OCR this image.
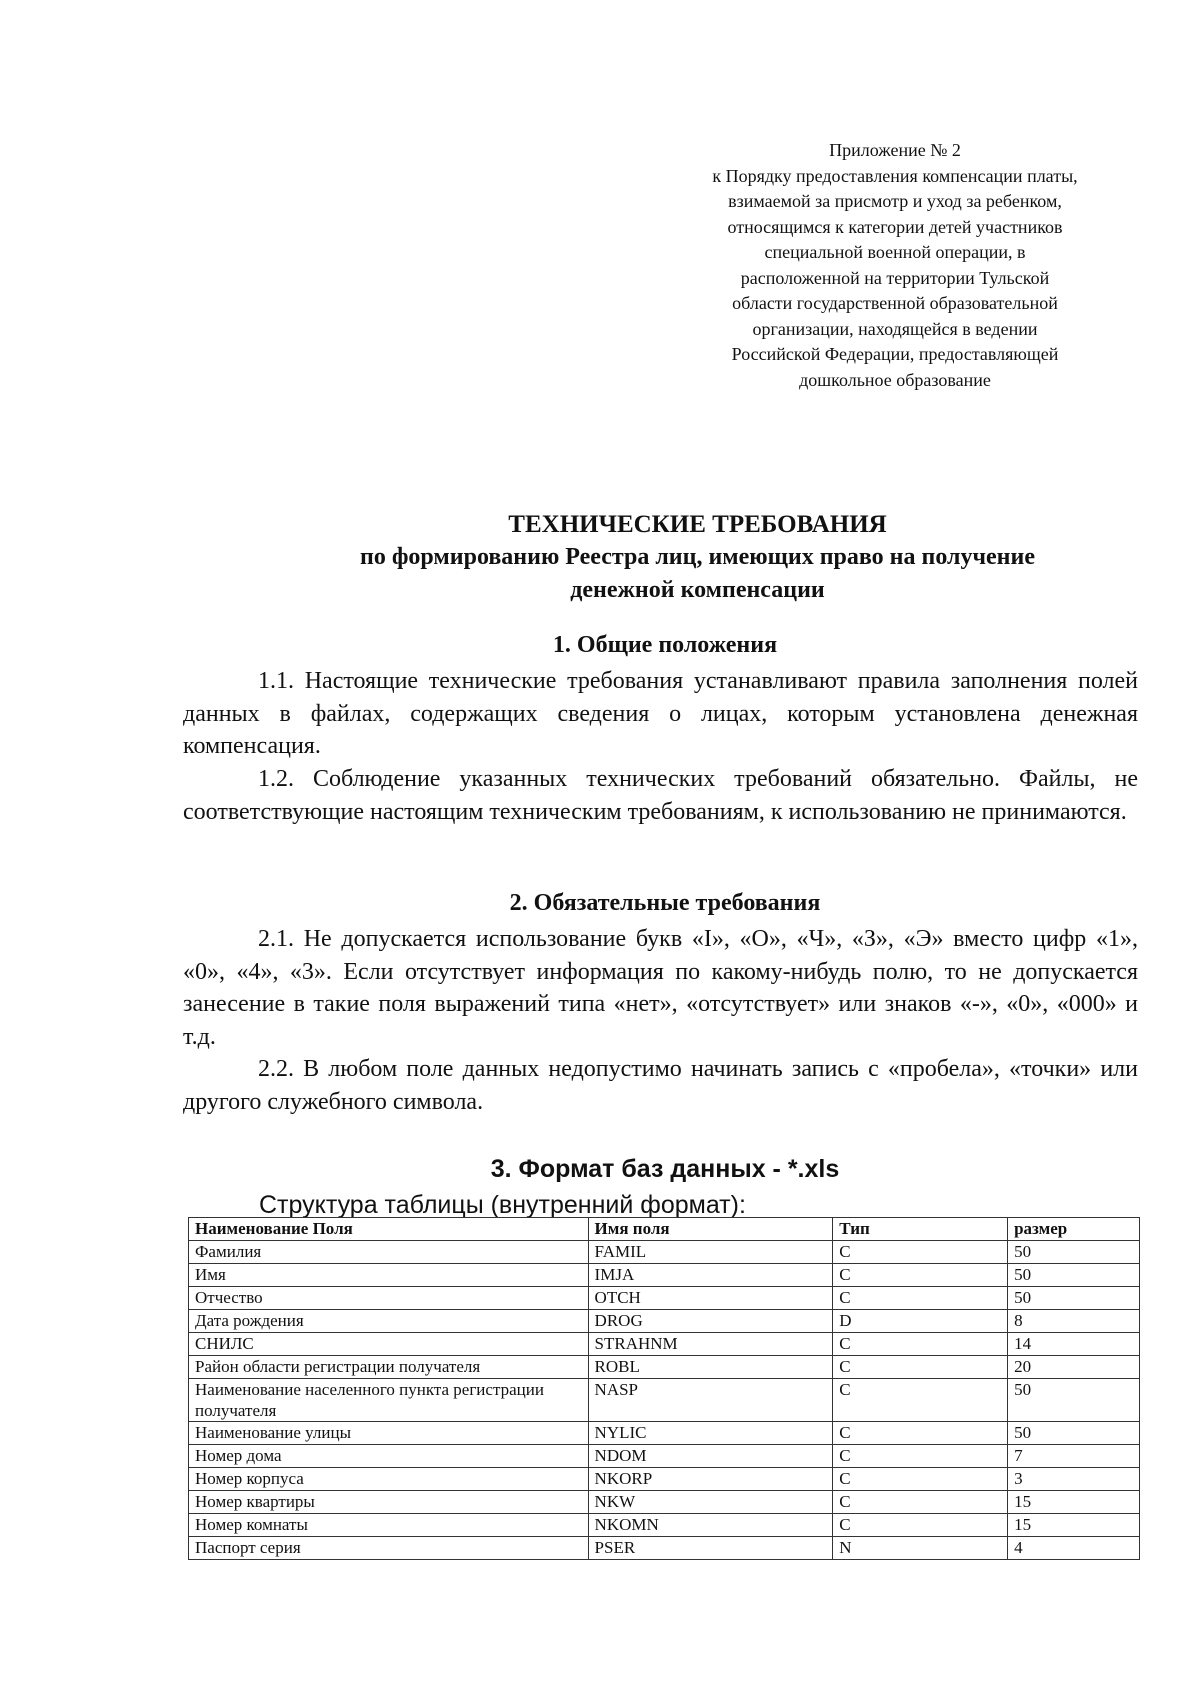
Приложение № 2
к Порядку предоставления компенсации платы,
взимаемой за присмотр и уход за ребенком,
относящимся к категории детей участников
специальной военной операции, в
расположенной на территории Тульской
области государственной образовательной
организации, находящейся в ведении
Российской Федерации, предоставляющей
дошкольное образование
ТЕХНИЧЕСКИЕ ТРЕБОВАНИЯ
по формированию Реестра лиц, имеющих право на получение
денежной компенсации
1. Общие положения
1.1. Настоящие технические требования устанавливают правила заполнения полей данных в файлах, содержащих сведения о лицах, которым установлена денежная компенсация.
1.2. Соблюдение указанных технических требований обязательно. Файлы, не соответствующие настоящим техническим требованиям, к использованию не принимаются.
2. Обязательные требования
2.1. Не допускается использование букв «I», «O», «Ч», «З», «Э» вместо цифр «1», «0», «4», «3». Если отсутствует информация по какому-нибудь полю, то не допускается занесение в такие поля выражений типа «нет», «отсутствует» или знаков «-», «0», «000» и т.д.
2.2. В любом поле данных недопустимо начинать запись с «пробела», «точки» или другого служебного символа.
3. Формат баз данных - *.xls
Структура таблицы (внутренний формат):
Наименование Поля	Имя поля	Тип	размер
Фамилия	FAMIL	C	50
Имя	IMJA	C	50
Отчество	OTCH	C	50
Дата рождения	DROG	D	8
СНИЛС	STRAHNM	C	14
Район области регистрации получателя	ROBL	C	20
Наименование населенного пункта регистрации получателя	NASP	C	50
Наименование улицы	NYLIC	C	50
Номер дома	NDOM	C	7
Номер корпуса	NKORP	C	3
Номер квартиры	NKW	C	15
Номер комнаты	NKOMN	C	15
Паспорт серия	PSER	N	4
